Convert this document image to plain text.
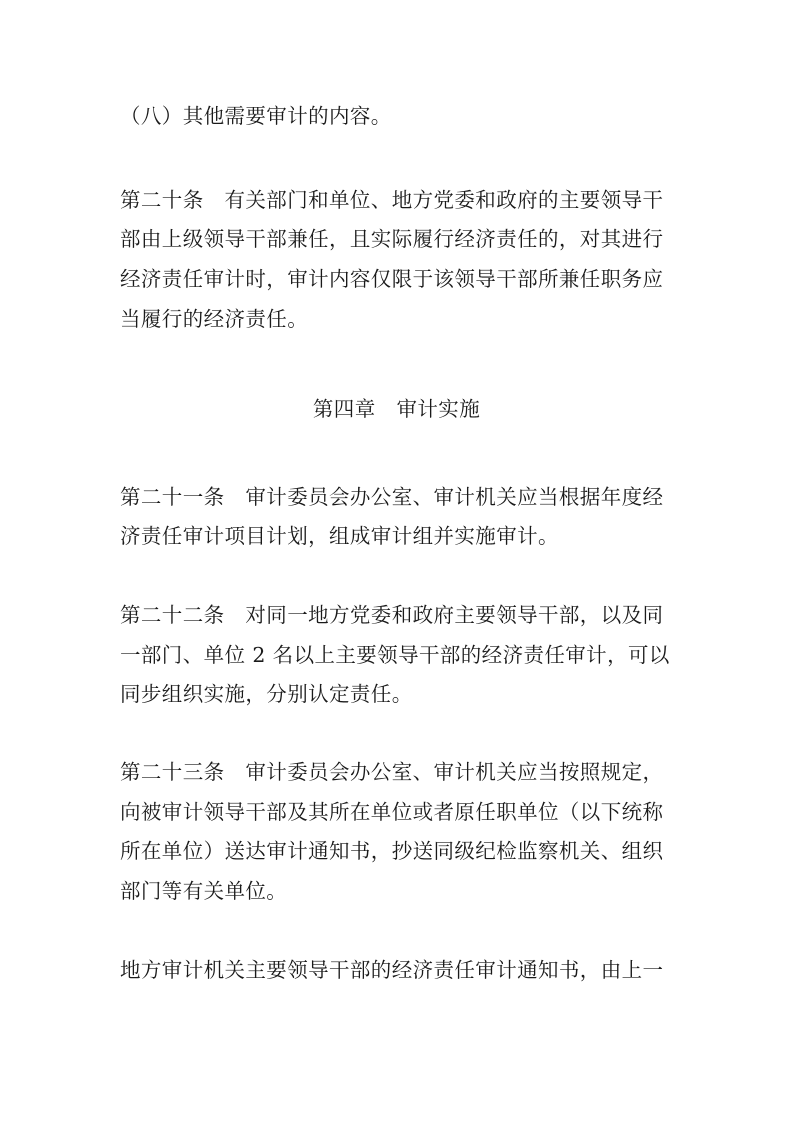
（八）其他需要审计的内容。
第二十条　有关部门和单位、地方党委和政府的主要领导干
部由上级领导干部兼任，且实际履行经济责任的，对其进行
经济责任审计时，审计内容仅限于该领导干部所兼任职务应
当履行的经济责任。
第四章　审计实施
第二十一条　审计委员会办公室、审计机关应当根据年度经
济责任审计项目计划，组成审计组并实施审计。
第二十二条　对同一地方党委和政府主要领导干部，以及同
一部门、单位 2 名以上主要领导干部的经济责任审计，可以
同步组织实施，分别认定责任。
第二十三条　审计委员会办公室、审计机关应当按照规定，
向被审计领导干部及其所在单位或者原任职单位（以下统称
所在单位）送达审计通知书，抄送同级纪检监察机关、组织
部门等有关单位。
地方审计机关主要领导干部的经济责任审计通知书，由上一
